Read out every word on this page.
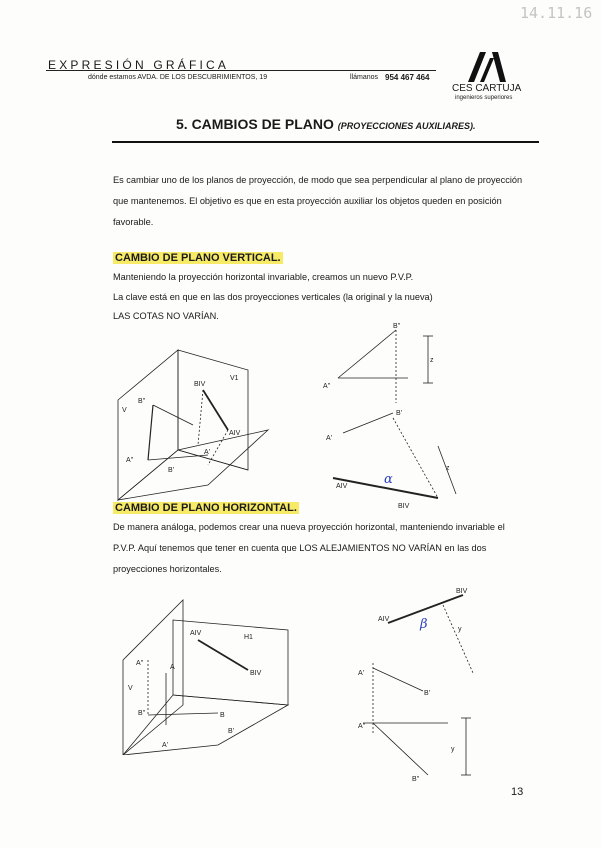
14.11.16
EXPRESIÓN GRÁFICA
dónde estamos AVDA. DE LOS DESCUBRIMIENTOS, 19	llámanos 954 467 464
CES CARTUJA
ingenieros superiores
5. CAMBIOS DE PLANO (PROYECCIONES AUXILIARES).
Es cambiar uno de los planos de proyección, de modo que sea perpendicular al plano de proyección que mantenemos. El objetivo es que en esta proyección auxiliar los objetos queden en posición favorable.
CAMBIO DE PLANO VERTICAL.
Manteniendo la proyección horizontal invariable, creamos un nuevo P.V.P.
La clave está en que en las dos proyecciones verticales (la original y la nueva)
LAS COTAS NO VARÍAN.
V
V1
B''
A''
BIV
AIV
A'
B'
B''
A''
z
B'
A'
AIV
BIV
z
α
CAMBIO DE PLANO HORIZONTAL.
De manera análoga, podemos crear una nueva proyección horizontal, manteniendo invariable el P.V.P. Aquí tenemos que tener en cuenta que LOS ALEJAMIENTOS NO VARÍAN en las dos proyecciones horizontales.
V
H1
AIV
BIV
A''
A
B''	B
A'
B'
BIV
AIV
y
A'
B'
A''
y
B''
β
13
